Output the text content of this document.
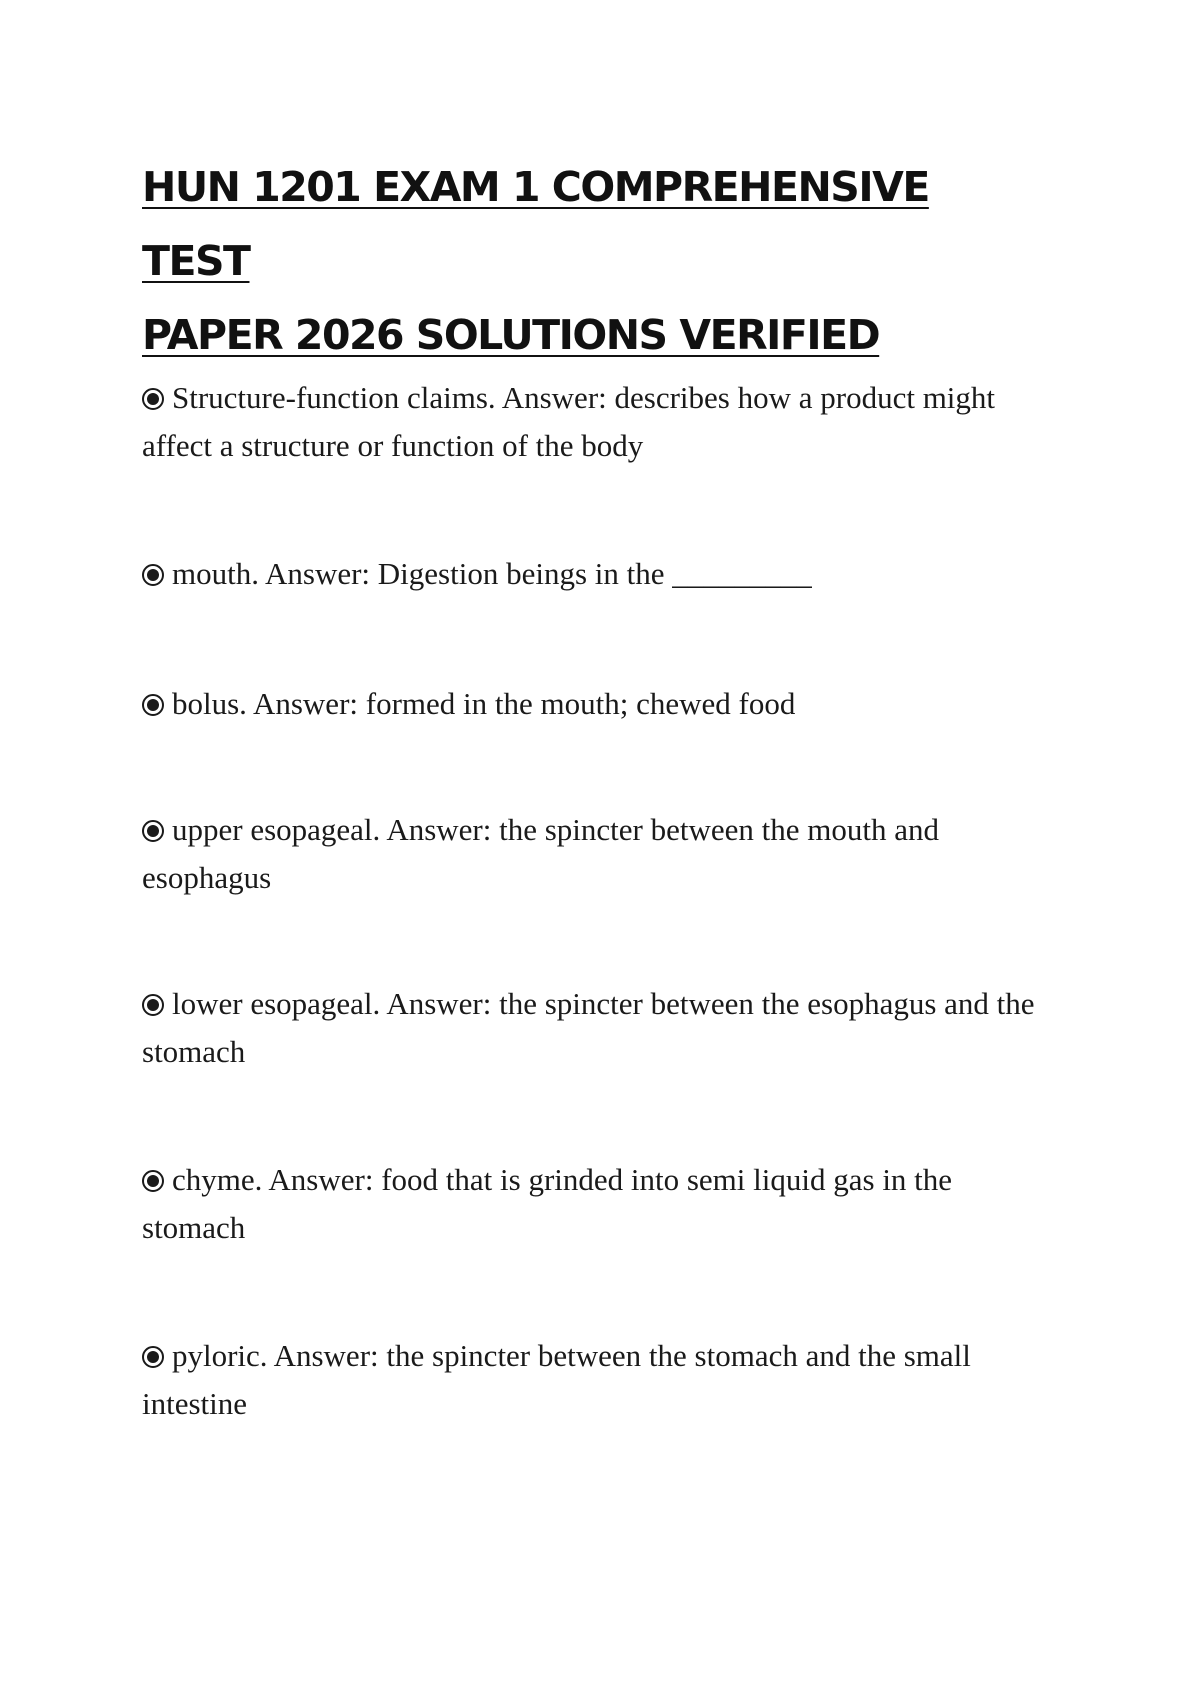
HUN 1201 EXAM 1 COMPREHENSIVE TEST
PAPER 2026 SOLUTIONS VERIFIED

Structure-function claims. Answer: describes how a product might affect a structure or function of the body

mouth. Answer: Digestion beings in the _________

bolus. Answer: formed in the mouth; chewed food

upper esopageal. Answer: the spincter between the mouth and esophagus

lower esopageal. Answer: the spincter between the esophagus and the stomach

chyme. Answer: food that is grinded into semi liquid gas in the stomach

pyloric. Answer: the spincter between the stomach and the small intestine
